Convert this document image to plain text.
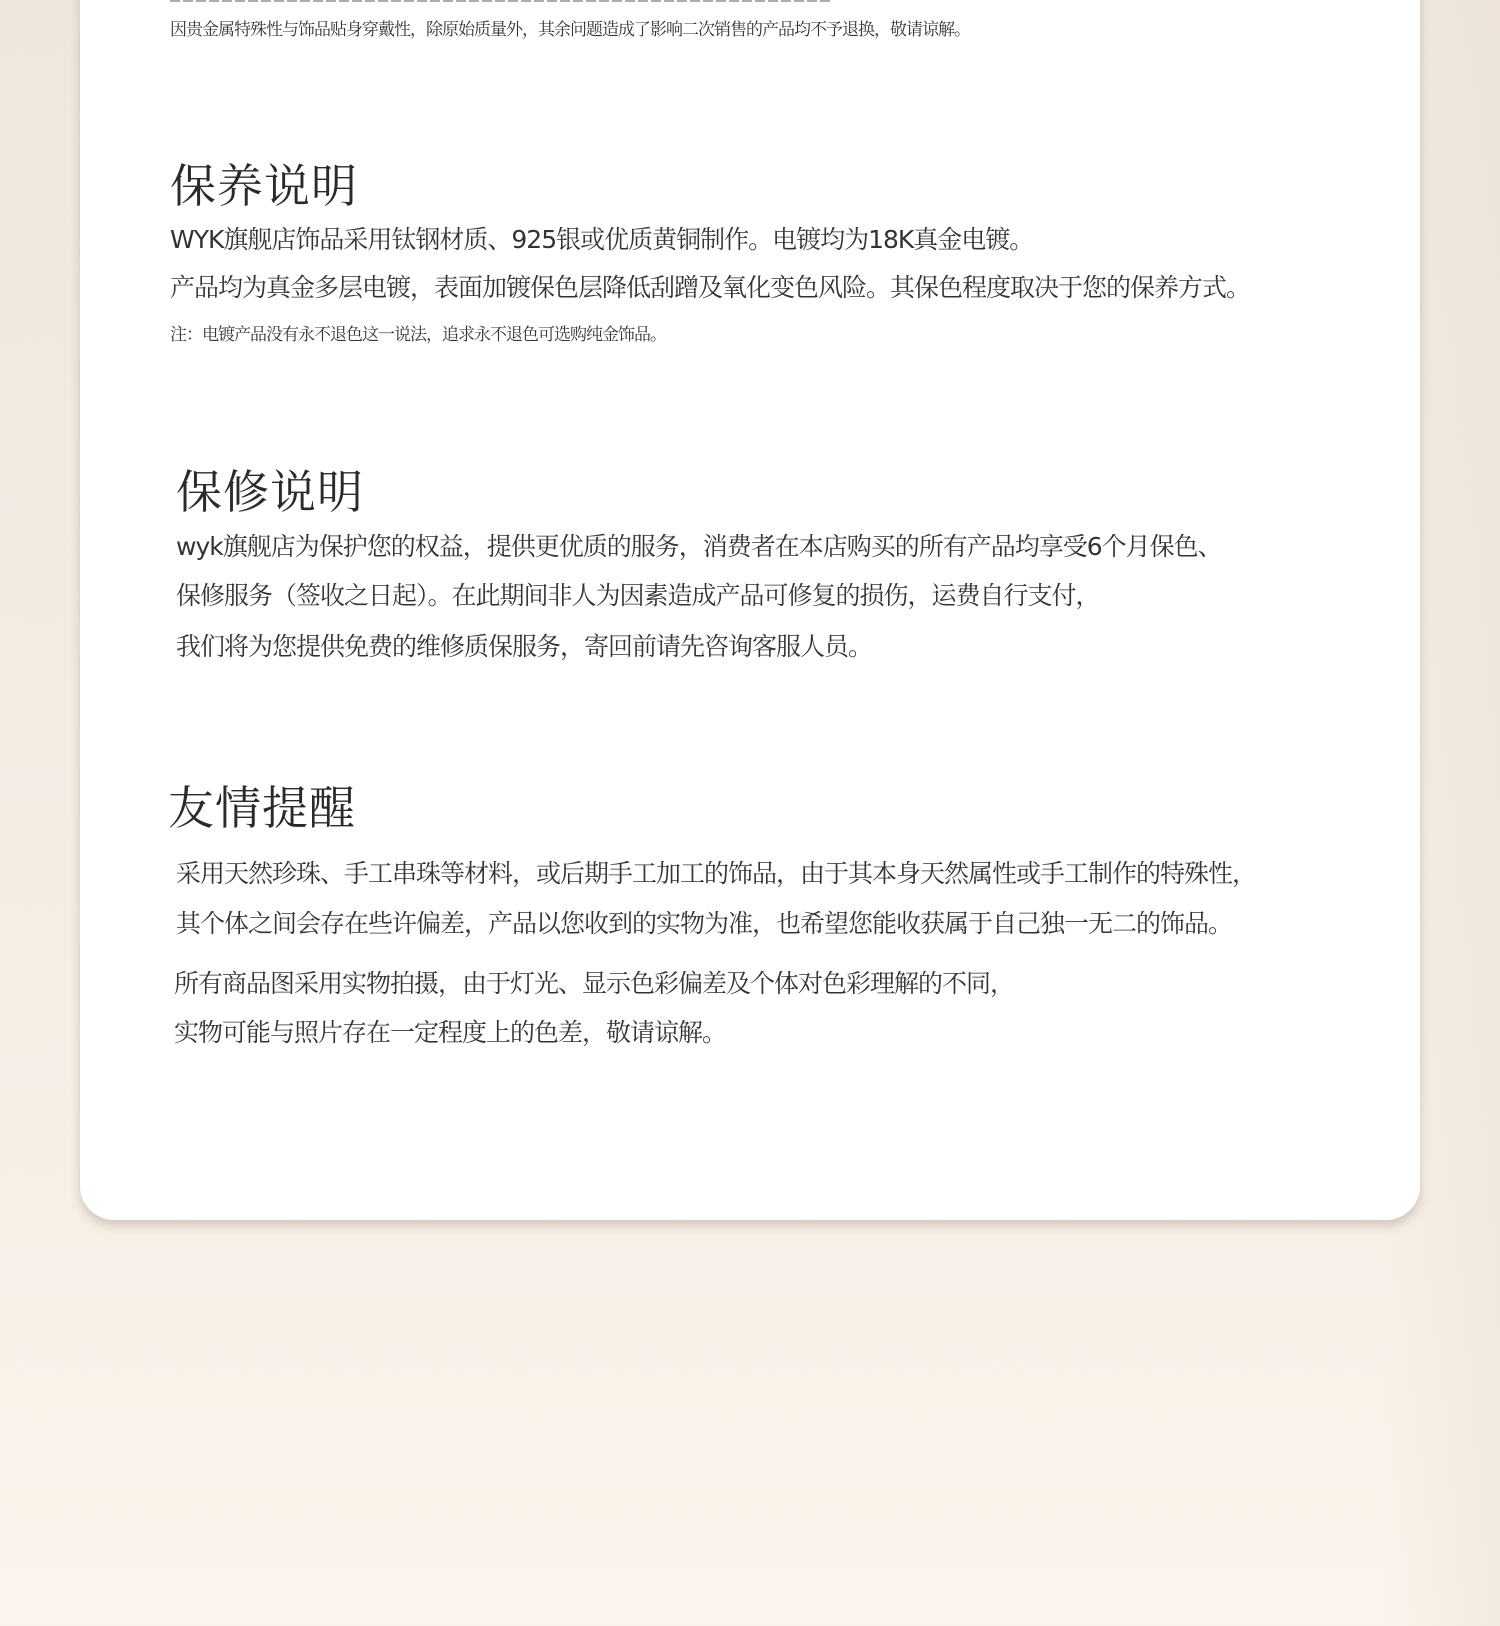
因贵金属特殊性与饰品贴身穿戴性，除原始质量外，其余问题造成了影响二次销售的产品均不予退换，敬请谅解。

保养说明

WYK旗舰店饰品采用钛钢材质、925银或优质黄铜制作。电镀均为18K真金电镀。

产品均为真金多层电镀，表面加镀保色层降低刮蹭及氧化变色风险。其保色程度取决于您的保养方式。

注：电镀产品没有永不退色这一说法，追求永不退色可选购纯金饰品。

保修说明

wyk旗舰店为保护您的权益，提供更优质的服务，消费者在本店购买的所有产品均享受6个月保色、

保修服务（签收之日起）。在此期间非人为因素造成产品可修复的损伤，运费自行支付，

我们将为您提供免费的维修质保服务，寄回前请先咨询客服人员。

友情提醒

采用天然珍珠、手工串珠等材料，或后期手工加工的饰品，由于其本身天然属性或手工制作的特殊性，

其个体之间会存在些许偏差，产品以您收到的实物为准，也希望您能收获属于自己独一无二的饰品。

所有商品图采用实物拍摄，由于灯光、显示色彩偏差及个体对色彩理解的不同，

实物可能与照片存在一定程度上的色差，敬请谅解。
